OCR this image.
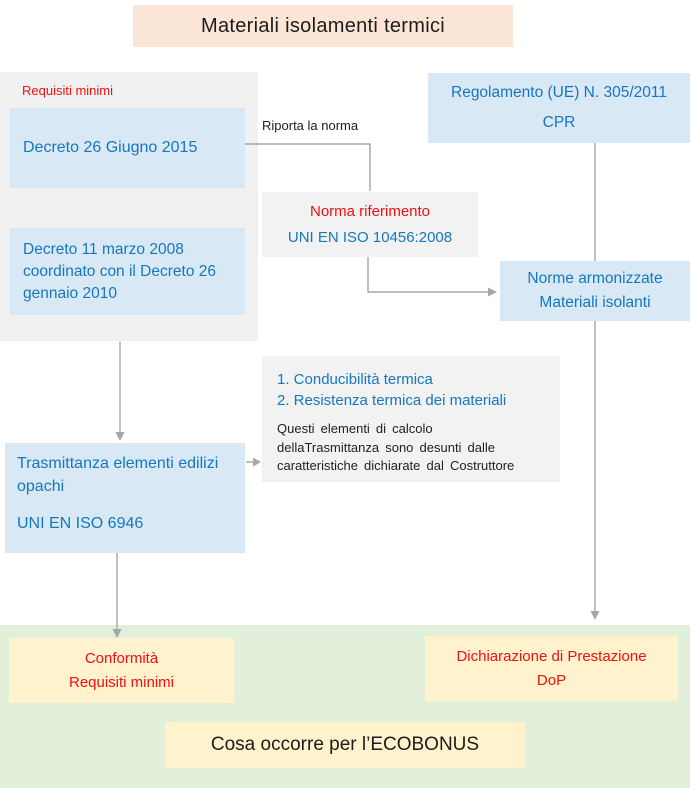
Materiali isolamenti termici
Requisiti minimi
Decreto 26 Giugno 2015
Decreto 11 marzo 2008 coordinato con il Decreto 26 gennaio 2010
Riporta la norma
Regolamento (UE) N. 305/2011
CPR
Norma riferimento
UNI EN ISO 10456:2008
Norme armonizzate
Materiali isolanti
1. Conducibilità termica
2. Resistenza termica dei materiali
Questi elementi di calcolo dellaTrasmittanza sono desunti dalle caratteristiche dichiarate dal Costruttore
Trasmittanza elementi edilizi opachi
UNI EN ISO 6946
Conformità
Requisiti minimi
Dichiarazione di Prestazione
DoP
Cosa occorre per l’ECOBONUS
